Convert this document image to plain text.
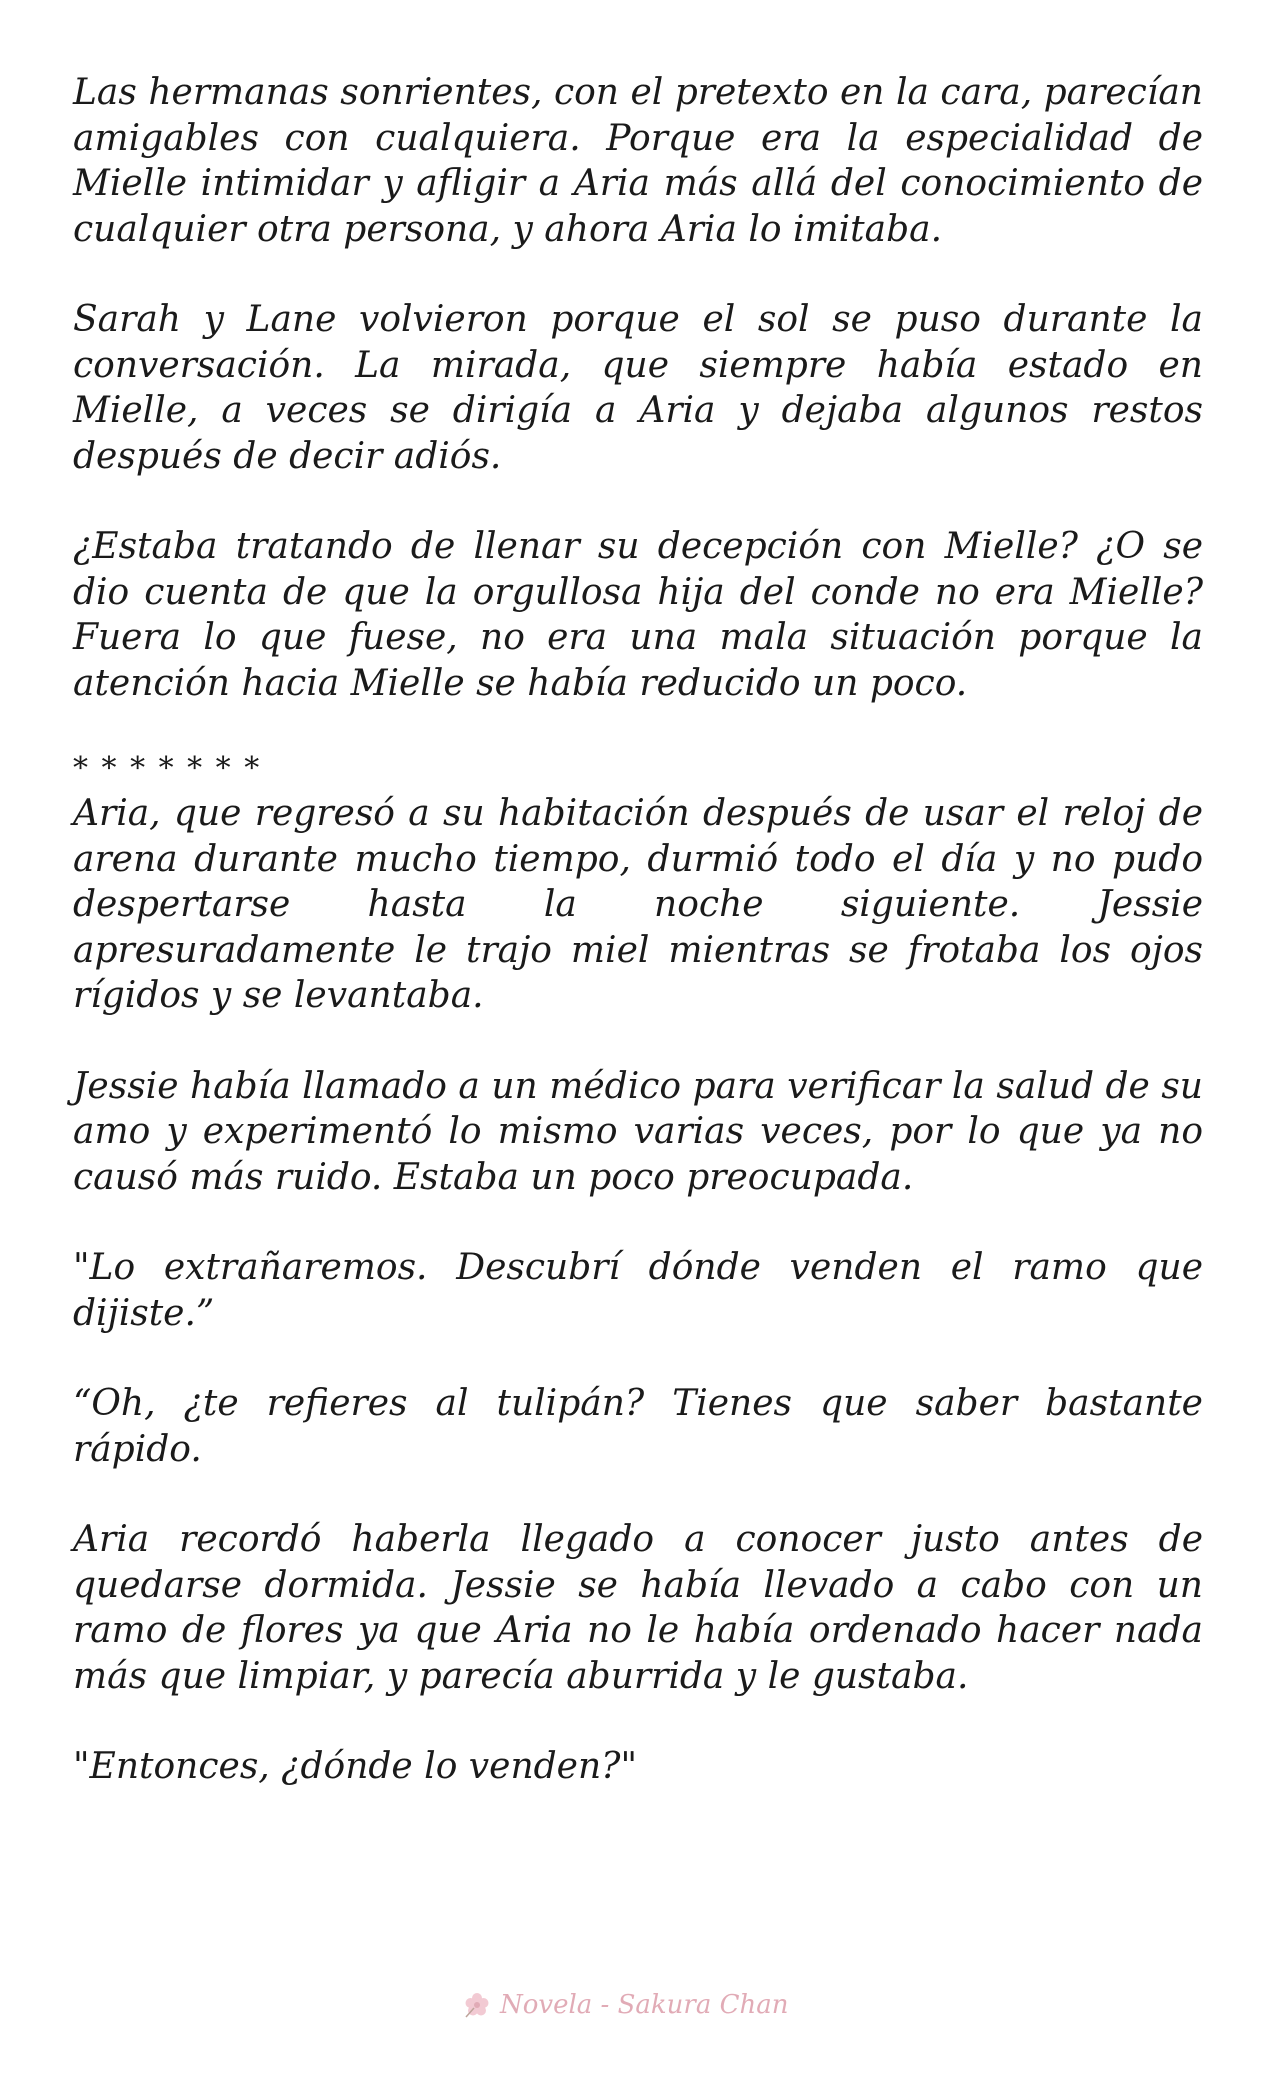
Las hermanas sonrientes, con el pretexto en la cara, parecían amigables con cualquiera. Porque era la especialidad de Mielle intimidar y afligir a Aria más allá del conocimiento de cualquier otra persona, y ahora Aria lo imitaba.

Sarah y Lane volvieron porque el sol se puso durante la conversación. La mirada, que siempre había estado en Mielle, a veces se dirigía a Aria y dejaba algunos restos después de decir adiós.

¿Estaba tratando de llenar su decepción con Mielle? ¿O se dio cuenta de que la orgullosa hija del conde no era Mielle? Fuera lo que fuese, no era una mala situación porque la atención hacia Mielle se había reducido un poco.

* * * * * * *

Aria, que regresó a su habitación después de usar el reloj de arena durante mucho tiempo, durmió todo el día y no pudo despertarse hasta la noche siguiente. Jessie apresuradamente le trajo miel mientras se frotaba los ojos rígidos y se levantaba.

Jessie había llamado a un médico para verificar la salud de su amo y experimentó lo mismo varias veces, por lo que ya no causó más ruido. Estaba un poco preocupada.

"Lo extrañaremos. Descubrí dónde venden el ramo que dijiste.”

“Oh, ¿te refieres al tulipán? Tienes que saber bastante rápido.

Aria recordó haberla llegado a conocer justo antes de quedarse dormida. Jessie se había llevado a cabo con un ramo de flores ya que Aria no le había ordenado hacer nada más que limpiar, y parecía aburrida y le gustaba.

"Entonces, ¿dónde lo venden?"

Novela - Sakura Chan
